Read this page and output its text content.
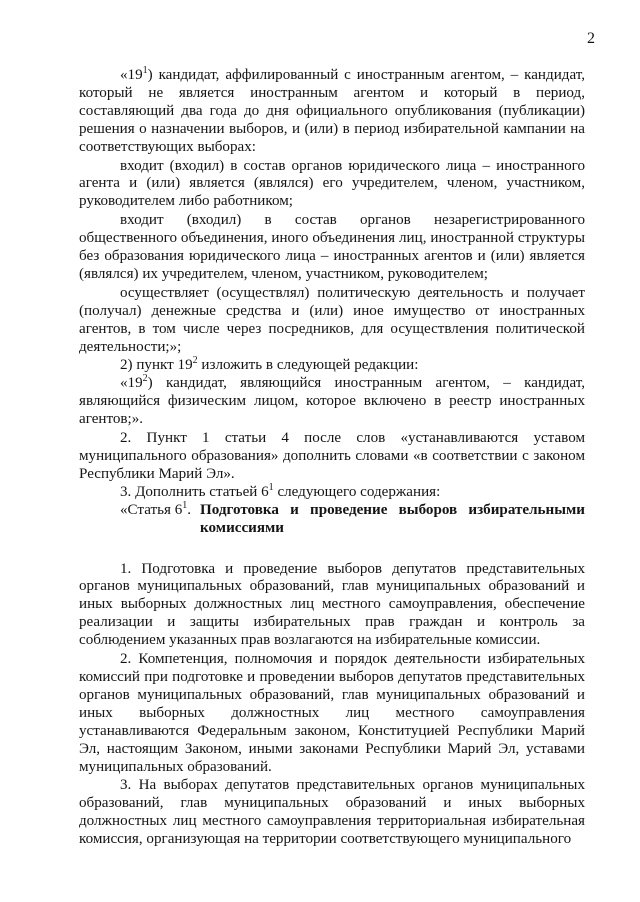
2

«$19^1$) кандидат, аффилированный с иностранным агентом, – кандидат, который не является иностранным агентом и который в период, составляющий два года до дня официального опубликования (публикации) решения о назначении выборов, и (или) в период избирательной кампании на соответствующих выборах:

входит (входил) в состав органов юридического лица – иностранного агента и (или) является (являлся) его учредителем, членом, участником, руководителем либо работником;

входит (входил) в состав органов незарегистрированного общественного объединения, иного объединения лиц, иностранной структуры без образования юридического лица – иностранных агентов и (или) является (являлся) их учредителем, членом, участником, руководителем;

осуществляет (осуществлял) политическую деятельность и получает (получал) денежные средства и (или) иное имущество от иностранных агентов, в том числе через посредников, для осуществления политической деятельности;»;

2) пункт $19^2$ изложить в следующей редакции:

«$19^2$) кандидат, являющийся иностранным агентом, – кандидат, являющийся физическим лицом, которое включено в реестр иностранных агентов;».

2. Пункт 1 статьи 4 после слов «устанавливаются уставом муниципального образования» дополнить словами «в соответствии с законом Республики Марий Эл».

3. Дополнить статьей $6^1$ следующего содержания:

«Статья $6^1$. Подготовка и проведение выборов избирательными комиссиями

1. Подготовка и проведение выборов депутатов представительных органов муниципальных образований, глав муниципальных образований и иных выборных должностных лиц местного самоуправления, обеспечение реализации и защиты избирательных прав граждан и контроль за соблюдением указанных прав возлагаются на избирательные комиссии.

2. Компетенция, полномочия и порядок деятельности избирательных комиссий при подготовке и проведении выборов депутатов представительных органов муниципальных образований, глав муниципальных образований и иных выборных должностных лиц местного самоуправления устанавливаются Федеральным законом, Конституцией Республики Марий Эл, настоящим Законом, иными законами Республики Марий Эл, уставами муниципальных образований.

3. На выборах депутатов представительных органов муниципальных образований, глав муниципальных образований и иных выборных должностных лиц местного самоуправления территориальная избирательная комиссия, организующая на территории соответствующего муниципального
